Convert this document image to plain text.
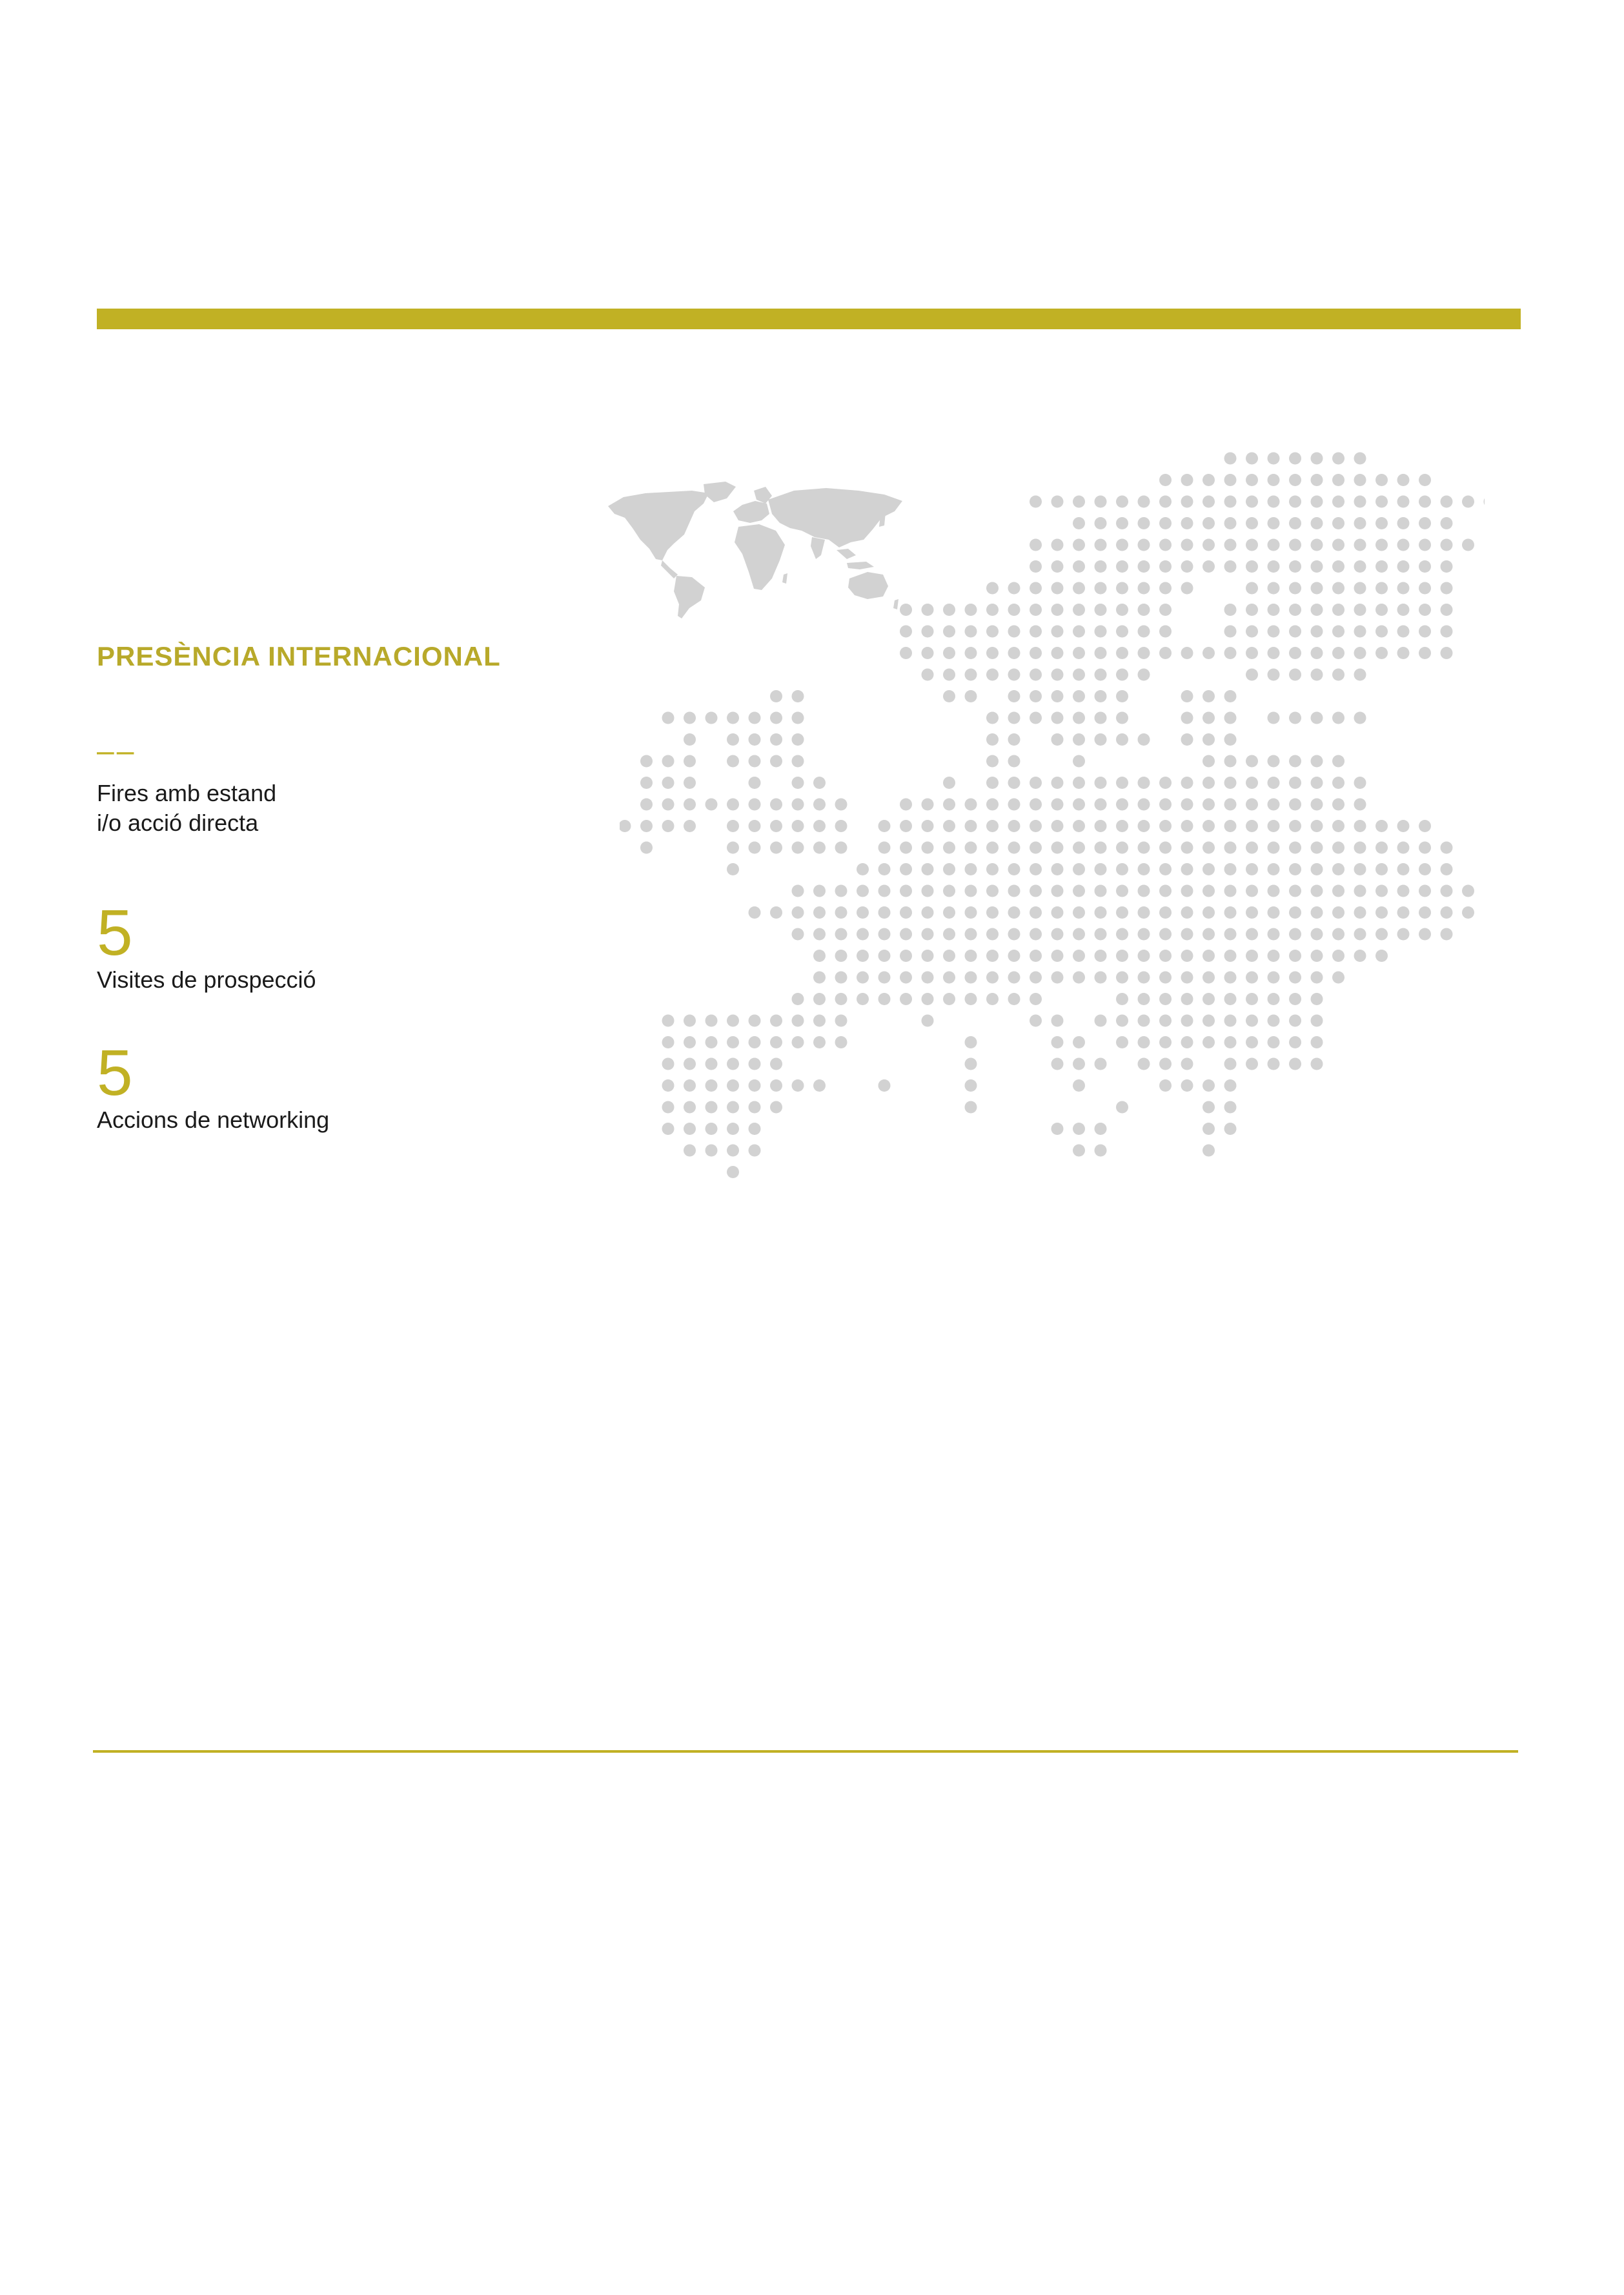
PRESÈNCIA INTERNACIONAL
––
Fires amb estand
i/o acció directa
5
Visites de prospecció
5
Accions de networking
